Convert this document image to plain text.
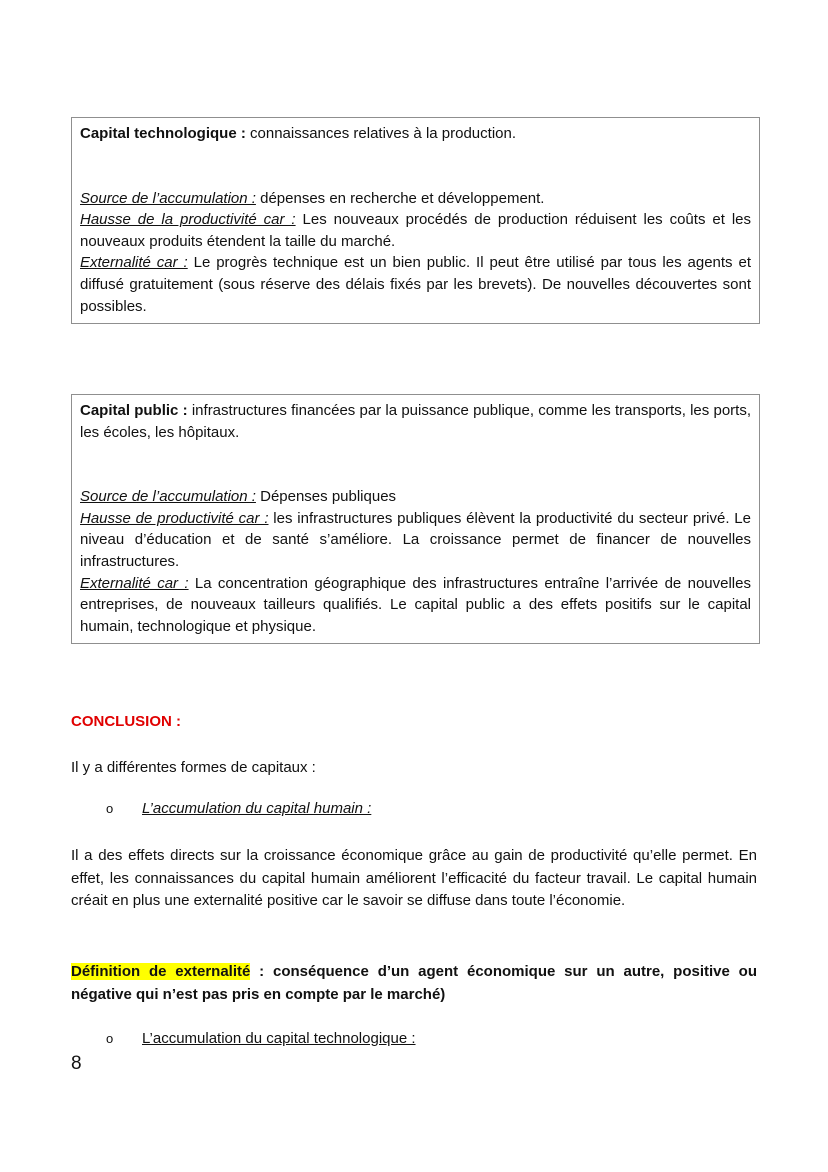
Capital technologique : connaissances relatives à la production.

Source de l’accumulation : dépenses en recherche et développement.

Hausse de la productivité car : Les nouveaux procédés de production réduisent les coûts et les nouveaux produits étendent la taille du marché.

Externalité car : Le progrès technique est un bien public. Il peut être utilisé par tous les agents et diffusé gratuitement (sous réserve des délais fixés par les brevets). De nouvelles découvertes sont possibles.

Capital public : infrastructures financées par la puissance publique, comme les transports, les ports, les écoles, les hôpitaux.

Source de l’accumulation : Dépenses publiques

Hausse de productivité car : les infrastructures publiques élèvent la productivité du secteur privé. Le niveau d’éducation et de santé s’améliore. La croissance permet de financer de nouvelles infrastructures.

Externalité car : La concentration géographique des infrastructures entraîne l’arrivée de nouvelles entreprises, de nouveaux tailleurs qualifiés. Le capital public a des effets positifs sur le capital humain, technologique et physique.

CONCLUSION :

Il y a différentes formes de capitaux :

o L’accumulation du capital humain :

Il a des effets directs sur la croissance économique grâce au gain de productivité qu’elle permet. En effet, les connaissances du capital humain améliorent l’efficacité du facteur travail. Le capital humain créait en plus une externalité positive car le savoir se diffuse dans toute l’économie.

Définition de externalité : conséquence d’un agent économique sur un autre, positive ou négative qui n’est pas pris en compte par le marché)

o L’accumulation du capital technologique :
8
